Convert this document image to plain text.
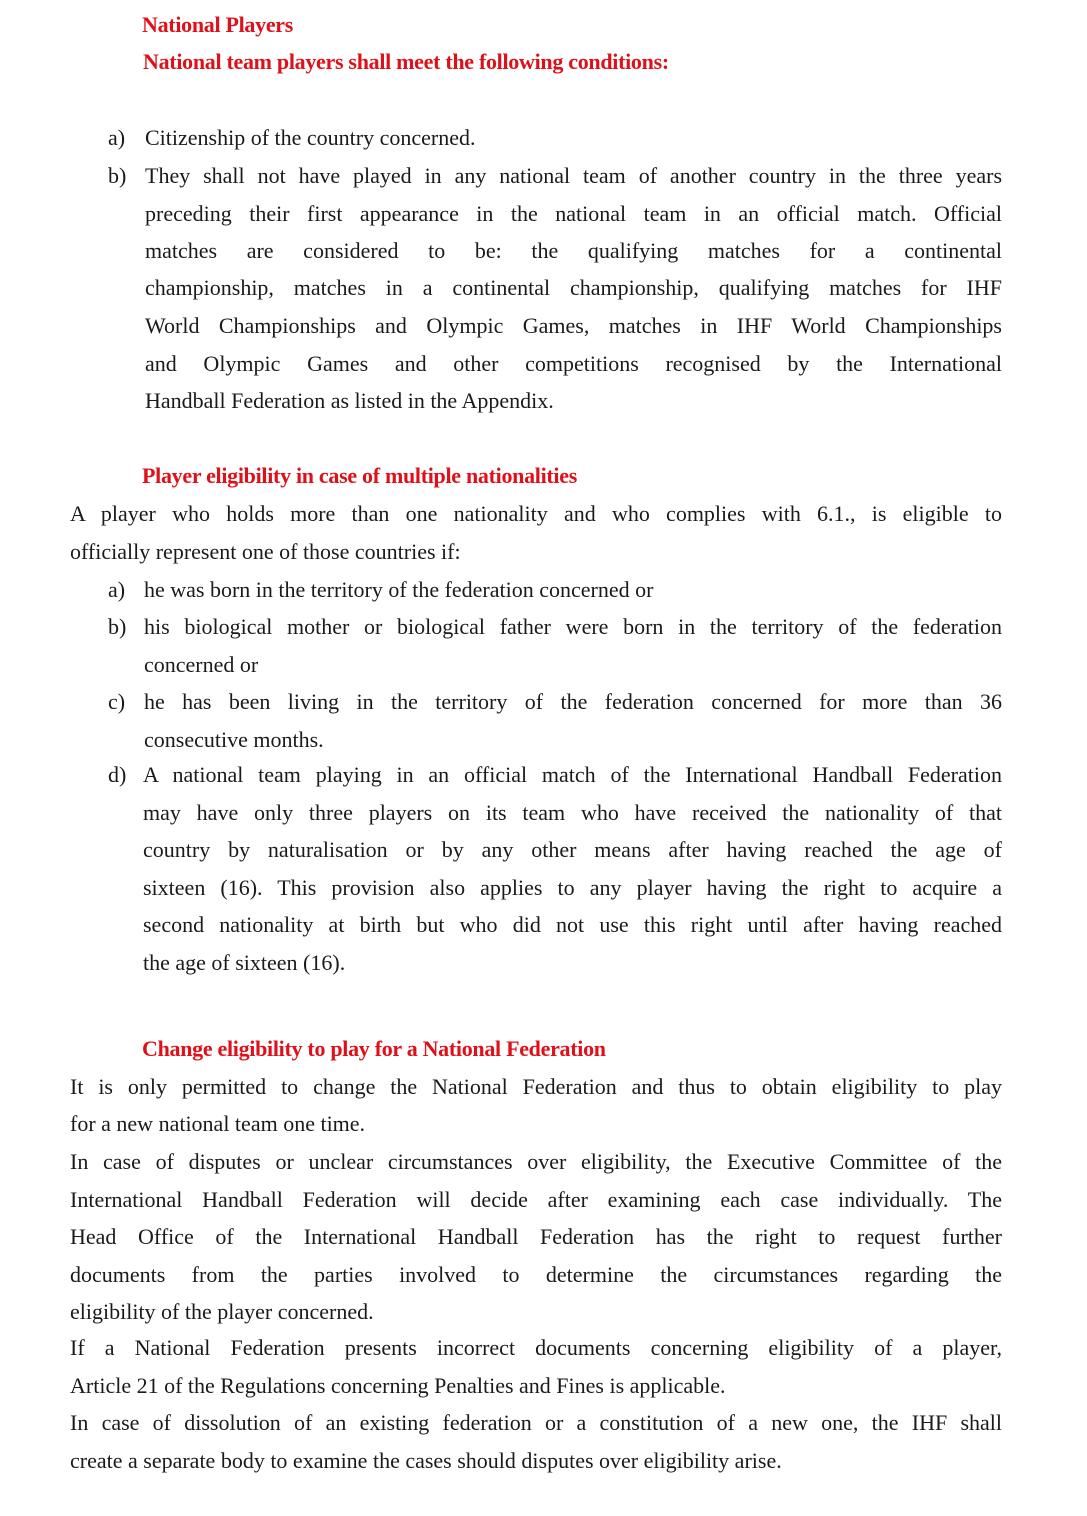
National Players
National team players shall meet the following conditions:
a) Citizenship of the country concerned.
b) They shall not have played in any national team of another country in the three years
preceding their first appearance in the national team in an official match. Official
matches are considered to be: the qualifying matches for a continental
championship, matches in a continental championship, qualifying matches for IHF
World Championships and Olympic Games, matches in IHF World Championships
and Olympic Games and other competitions recognised by the International
Handball Federation as listed in the Appendix.
Player eligibility in case of multiple nationalities
A player who holds more than one nationality and who complies with 6.1., is eligible to
officially represent one of those countries if:
a) he was born in the territory of the federation concerned or
b) his biological mother or biological father were born in the territory of the federation
concerned or
c) he has been living in the territory of the federation concerned for more than 36
consecutive months.
d) A national team playing in an official match of the International Handball Federation
may have only three players on its team who have received the nationality of that
country by naturalisation or by any other means after having reached the age of
sixteen (16). This provision also applies to any player having the right to acquire a
second nationality at birth but who did not use this right until after having reached
the age of sixteen (16).
Change eligibility to play for a National Federation
It is only permitted to change the National Federation and thus to obtain eligibility to play
for a new national team one time.
In case of disputes or unclear circumstances over eligibility, the Executive Committee of the
International Handball Federation will decide after examining each case individually. The
Head Office of the International Handball Federation has the right to request further
documents from the parties involved to determine the circumstances regarding the
eligibility of the player concerned.
If a National Federation presents incorrect documents concerning eligibility of a player,
Article 21 of the Regulations concerning Penalties and Fines is applicable.
In case of dissolution of an existing federation or a constitution of a new one, the IHF shall
create a separate body to examine the cases should disputes over eligibility arise.
